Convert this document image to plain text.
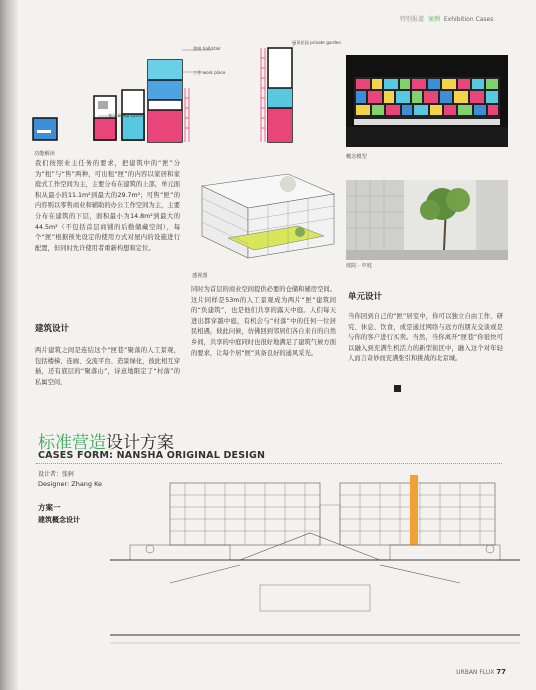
特别报道 案例 Exhibition Cases
游廊 hall/stair
工作 work place
屋顶花园 private garden
客厅 living space
功能解读	概念模型
透视图
庭院 · 中庭
我们按照业主任务的要求，把建筑中的“匣”分为“租”与“售”两种，可出租“匣”的内容以家居和家庭式工作空间为主，主要分布在建筑的上部，单元面积从最小的11.1m²到最大的29.7m²；可售“匣”的内容则以零售商业和辅助的办公工作空间为主，主要分布在建筑的下层，面积最小为14.8m²到最大的44.5m²（不包括首层商铺的后勤储藏空间），每个“匣”根据预先设定的使用方式对屋内的设施进行配置，但同时允许使用者重新构想和定位。
建筑设计
两片建筑之间是连结这个“匣巷”聚落的人工景观，包括楼梯、连廊、交流平台、造景绿化，彼此相互穿插，还有底层的“聚落山”，诗意地限定了“村落”的私属空间，
同时为首层的商业空间提供必要的仓储和辅房空间。这片同样是53m的人工景观成为两片“匣”建筑间的“负建筑”，也是他们共享的露天中庭。人们每天进出都穿越中庭，有机会与“村落”中的任何一位居民相遇，彼此问候，仿佛回到邻居们各自来自的自然乡间，共享的中庭同时也很好地满足了建筑气候方面的要求，让每个居“匣”具备良好的通风采光。
单元设计
当你回到自己的“匣”居室中，你可以独立自由工作、研究、休息、饮食，或是通过网络与远方的朋友交谈或是与你的客户进行买卖。当然，当你离开“匣巷”你很快可以融入到充满生机活力的新型街区中，融入这个对年轻人而言奇妙而充满张引和挑战的北京城。
标准营造设计方案
CASES FORM: NANSHA ORIGINAL DESIGN
设计者：张轲
Designer: Zhang Ke
方案一
建筑概念设计
URBAN FLUX 77
